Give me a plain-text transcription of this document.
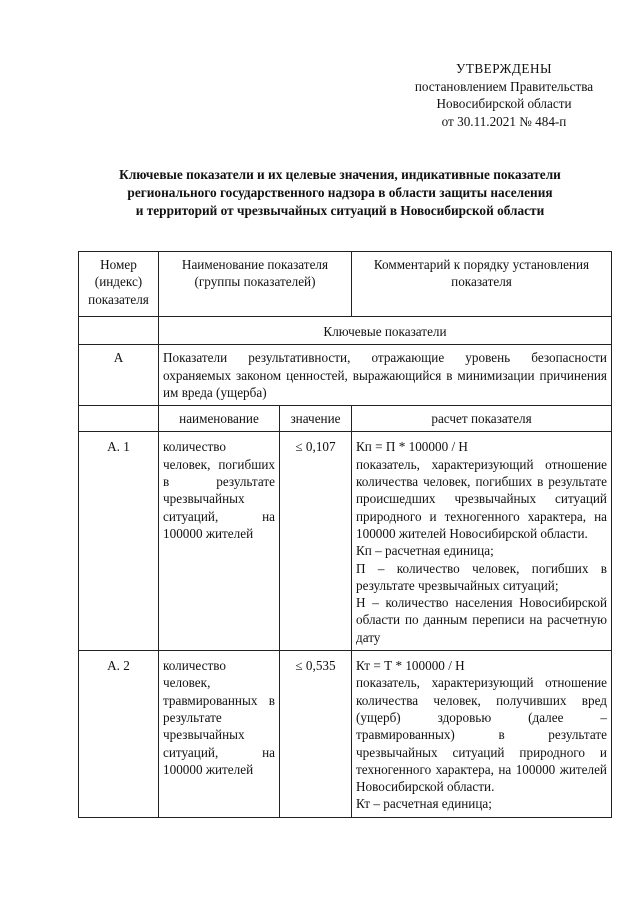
УТВЕРЖДЕНЫ
постановлением Правительства
Новосибирской области
от 30.11.2021 № 484-п
Ключевые показатели и их целевые значения, индикативные показатели
регионального государственного надзора в области защиты населения
и территорий от чрезвычайных ситуаций в Новосибирской области
Номер (индекс) показателя	Наименование показателя (группы показателей)		Комментарий к порядку установления показателя
	Ключевые показатели		
А	Показатели результативности, отражающие уровень безопасности охраняемых законом ценностей, выражающийся в минимизации причинения им вреда (ущерба)		
	наименование	значение	расчет показателя
А. 1	количество человек, погибших в результате чрезвычайных ситуаций, на 100000 жителей	≤ 0,107	Кп = П * 100000 / Н
показатель, характеризующий отношение количества человек, погибших в результате происшедших чрезвычайных ситуаций природного и техногенного характера, на 100000 жителей Новосибирской области.
Кп – расчетная единица;
П – количество человек, погибших в результате чрезвычайных ситуаций;
Н – количество населения Новосибирской области по данным переписи на расчетную дату

А. 2	количество человек, травмированных в результате чрезвычайных ситуаций, на 100000 жителей	≤ 0,535	Кт = Т * 100000 / Н
показатель, характеризующий отношение количества человек, получивших вред (ущерб) здоровью (далее – травмированных) в результате чрезвычайных ситуаций природного и техногенного характера, на 100000 жителей Новосибирской области.
Кт – расчетная единица;
